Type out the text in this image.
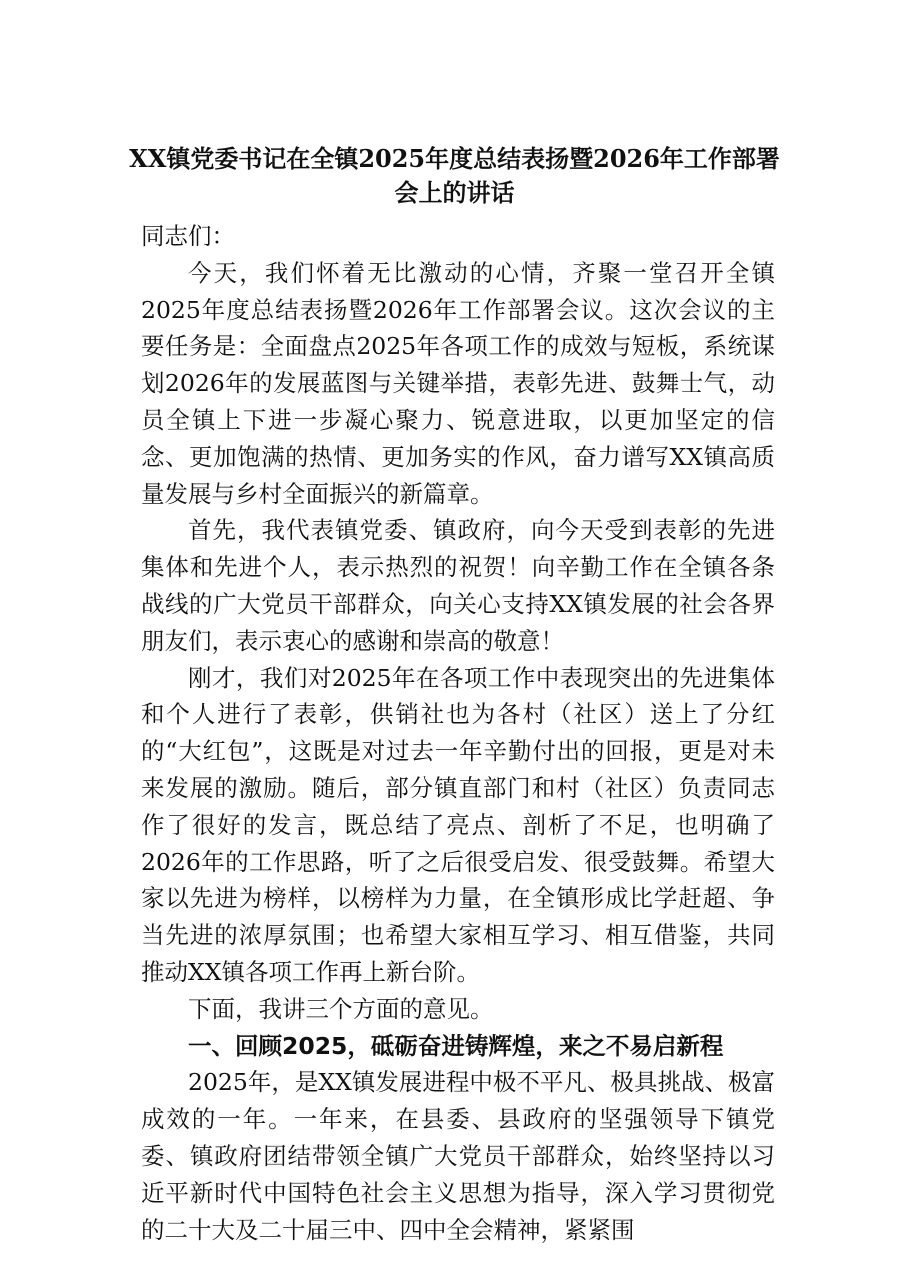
XX镇党委书记在全镇2025年度总结表扬暨2026年工作部署会上的讲话

同志们：

今天，我们怀着无比激动的心情，齐聚一堂召开全镇2025年度总结表扬暨2026年工作部署会议。这次会议的主要任务是：全面盘点2025年各项工作的成效与短板，系统谋划2026年的发展蓝图与关键举措，表彰先进、鼓舞士气，动员全镇上下进一步凝心聚力、锐意进取，以更加坚定的信念、更加饱满的热情、更加务实的作风，奋力谱写XX镇高质量发展与乡村全面振兴的新篇章。

首先，我代表镇党委、镇政府，向今天受到表彰的先进集体和先进个人，表示热烈的祝贺！向辛勤工作在全镇各条战线的广大党员干部群众，向关心支持XX镇发展的社会各界朋友们，表示衷心的感谢和崇高的敬意！

刚才，我们对2025年在各项工作中表现突出的先进集体和个人进行了表彰，供销社也为各村（社区）送上了分红的“大红包”，这既是对过去一年辛勤付出的回报，更是对未来发展的激励。随后，部分镇直部门和村（社区）负责同志作了很好的发言，既总结了亮点、剖析了不足，也明确了2026年的工作思路，听了之后很受启发、很受鼓舞。希望大家以先进为榜样，以榜样为力量，在全镇形成比学赶超、争当先进的浓厚氛围；也希望大家相互学习、相互借鉴，共同推动XX镇各项工作再上新台阶。

下面，我讲三个方面的意见。

一、回顾2025，砥砺奋进铸辉煌，来之不易启新程

2025年，是XX镇发展进程中极不平凡、极具挑战、极富成效的一年。一年来，在县委、县政府的坚强领导下镇党委、镇政府团结带领全镇广大党员干部群众，始终坚持以习近平新时代中国特色社会主义思想为指导，深入学习贯彻党的二十大及二十届三中、四中全会精神，紧紧围
